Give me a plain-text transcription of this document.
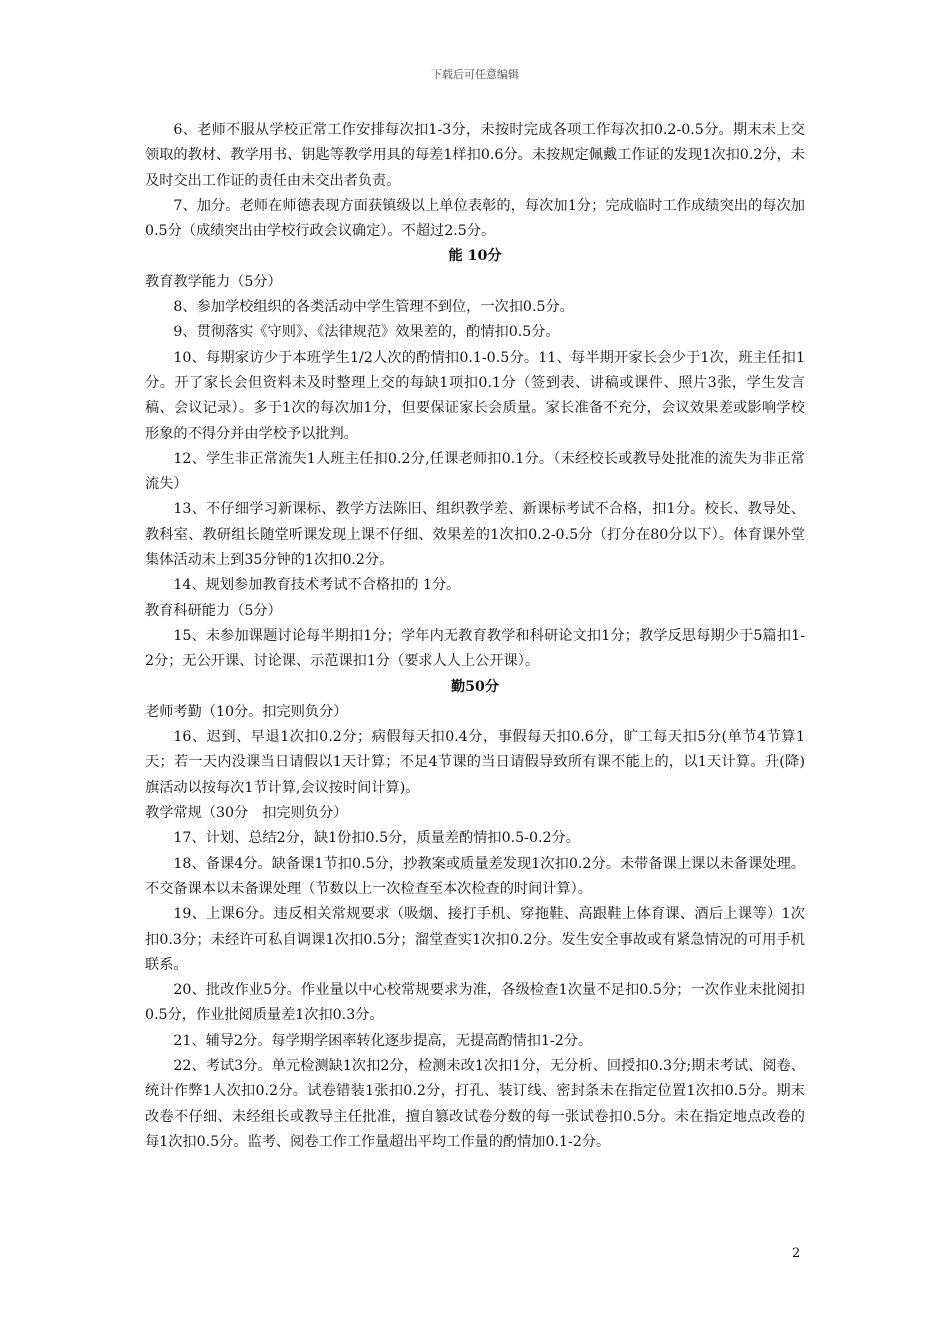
下载后可任意编辑

6、老师不服从学校正常工作安排每次扣1-3分，未按时完成各项工作每次扣0.2-0.5分。期末未上交领取的教材、教学用书、钥匙等教学用具的每差1样扣0.6分。未按规定佩戴工作证的发现1次扣0.2分，未及时交出工作证的责任由未交出者负责。

7、加分。老师在师德表现方面获镇级以上单位表彰的，每次加1分；完成临时工作成绩突出的每次加0.5分（成绩突出由学校行政会议确定）。不超过2.5分。

能 10分

教育教学能力（5分）

8、参加学校组织的各类活动中学生管理不到位，一次扣0.5分。

9、贯彻落实《守则》、《法律规范》效果差的，酌情扣0.5分。

10、每期家访少于本班学生1/2人次的酌情扣0.1-0.5分。11、每半期开家长会少于1次，班主任扣1分。开了家长会但资料未及时整理上交的每缺1项扣0.1分（签到表、讲稿或课件、照片3张，学生发言稿、会议记录）。多于1次的每次加1分，但要保证家长会质量。家长准备不充分，会议效果差或影响学校形象的不得分并由学校予以批判。

12、学生非正常流失1人班主任扣0.2分,任课老师扣0.1分。（未经校长或教导处批准的流失为非正常流失）

13、不仔细学习新课标、教学方法陈旧、组织教学差、新课标考试不合格，扣1分。校长、教导处、教科室、教研组长随堂听课发现上课不仔细、效果差的1次扣0.2-0.5分（打分在80分以下）。体育课外堂集体活动未上到35分钟的1次扣0.2分。

14、规划参加教育技术考试不合格扣的 1分。

教育科研能力（5分）

15、未参加课题讨论每半期扣1分；学年内无教育教学和科研论文扣1分；教学反思每期少于5篇扣1-2分；无公开课、讨论课、示范课扣1分（要求人人上公开课）。

勤50分

老师考勤（10分。扣完则负分）

16、迟到、早退1次扣0.2分；病假每天扣0.4分，事假每天扣0.6分，旷工每天扣5分(单节4节算1天；若一天内没课当日请假以1天计算；不足4节课的当日请假导致所有课不能上的，以1天计算。升(降)旗活动以按每次1节计算,会议按时间计算)。

教学常规（30分　扣完则负分）

17、计划、总结2分，缺1份扣0.5分，质量差酌情扣0.5-0.2分。

18、备课4分。缺备课1节扣0.5分，抄教案或质量差发现1次扣0.2分。未带备课上课以未备课处理。不交备课本以未备课处理（节数以上一次检查至本次检查的时间计算）。

19、上课6分。违反相关常规要求（吸烟、接打手机、穿拖鞋、高跟鞋上体育课、酒后上课等）1次扣0.3分；未经许可私自调课1次扣0.5分；溜堂查实1次扣0.2分。发生安全事故或有紧急情况的可用手机联系。

20、批改作业5分。作业量以中心校常规要求为准，各级检查1次量不足扣0.5分；一次作业未批阅扣0.5分，作业批阅质量差1次扣0.3分。

21、辅导2分。每学期学困率转化逐步提高，无提高酌情扣1-2分。

22、考试3分。单元检测缺1次扣2分，检测未改1次扣1分，无分析、回授扣0.3分;期末考试、阅卷、统计作弊1人次扣0.2分。试卷错装1张扣0.2分，打孔、装订线、密封条未在指定位置1次扣0.5分。期末改卷不仔细、未经组长或教导主任批准，擅自篡改试卷分数的每一张试卷扣0.5分。未在指定地点改卷的每1次扣0.5分。监考、阅卷工作工作量超出平均工作量的酌情加0.1-2分。

2
